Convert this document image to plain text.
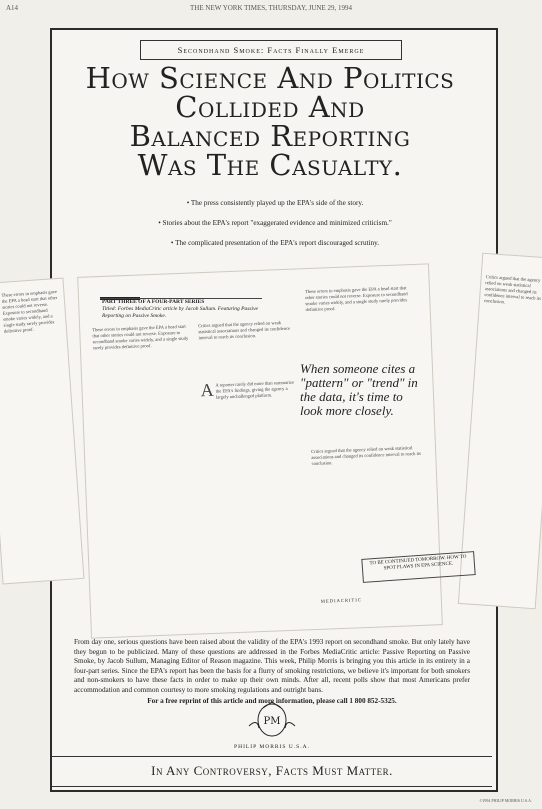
A14	THE NEW YORK TIMES, THURSDAY, JUNE 29, 1994
Secondhand Smoke: Facts Finally Emerge
How Science And Politics
Collided And
Balanced Reporting
Was The Casualty.
• The press consistently played up the EPA's side of the story.
• Stories about the EPA's report "exaggerated evidence and minimized criticism."
• The complicated presentation of the EPA's report discouraged scrutiny.
These errors in emphasis gave the EPA a head start that other stories could not reverse. Exposure to secondhand smoke varies widely, and a single study rarely provides definitive proof.
Critics argued that the agency relied on weak statistical associations and changed its confidence interval to reach its conclusion.
These errors in emphasis gave the EPA a head start that other stories could not reverse. Exposure to secondhand smoke varies widely, and a single study rarely provides definitive proof.
Critics argued that the agency relied on weak statistical associations and changed its confidence interval to reach its conclusion.
A A reporter rarely did more than summarize the EPA's findings, giving the agency a largely unchallenged platform.
These errors in emphasis gave the EPA a head start that other stories could not reverse. Exposure to secondhand smoke varies widely, and a single study rarely provides definitive proof.
Critics argued that the agency relied on weak statistical associations and changed its confidence interval to reach its conclusion.
MEDIACRITIC
PART THREE OF A FOUR-PART SERIES
Titled: Forbes MediaCritic article by Jacob Sullum. Featuring Passive Reporting on Passive Smoke.
When someone cites a "pattern" or "trend" in the data, it's time to look more closely.
TO BE CONTINUED TOMORROW. HOW TO SPOT FLAWS IN EPA SCIENCE.
From day one, serious questions have been raised about the validity of the EPA's 1993 report on secondhand smoke. But only lately have they begun to be publicized. Many of these questions are addressed in the Forbes MediaCritic article: Passive Reporting on Passive Smoke, by Jacob Sullum, Managing Editor of Reason magazine. This week, Philip Morris is bringing you this article in its entirety in a four-part series. Since the EPA's report has been the basis for a flurry of smoking restrictions, we believe it's important for both smokers and non-smokers to have these facts in order to make up their own minds. After all, recent polls show that most Americans prefer accommodation and common courtesy to more smoking regulations and outright bans.
For a free reprint of this article and more information, please call 1 800 852-5325.
PM
PHILIP MORRIS U.S.A.
In Any Controversy, Facts Must Matter.
©1994 PHILIP MORRIS U.S.A.
